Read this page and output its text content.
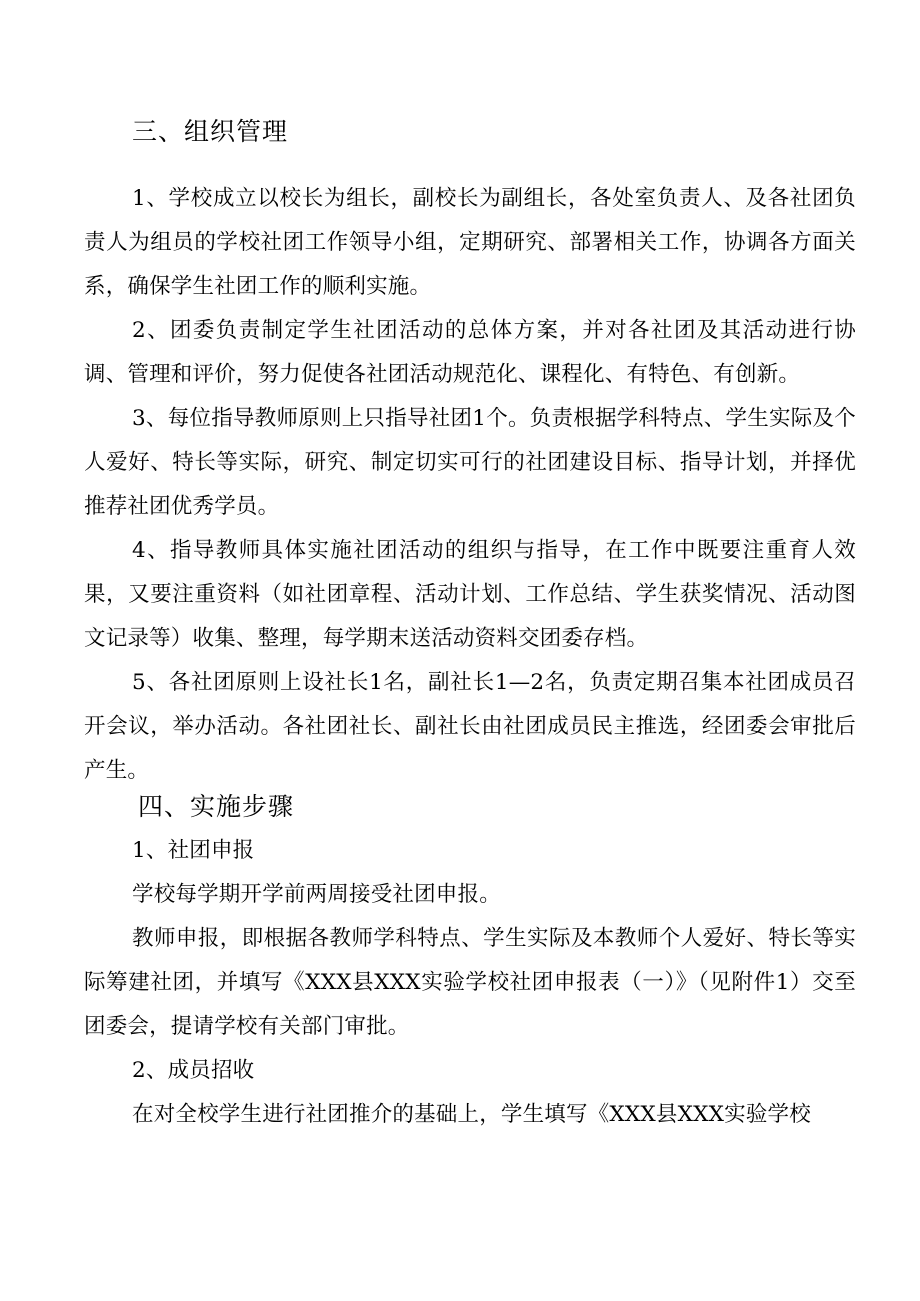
三、组织管理
1、学校成立以校长为组长，副校长为副组长，各处室负责人、及各社团负责人为组员的学校社团工作领导小组，定期研究、部署相关工作，协调各方面关系，确保学生社团工作的顺利实施。
2、团委负责制定学生社团活动的总体方案，并对各社团及其活动进行协调、管理和评价，努力促使各社团活动规范化、课程化、有特色、有创新。
3、每位指导教师原则上只指导社团1个。负责根据学科特点、学生实际及个人爱好、特长等实际，研究、制定切实可行的社团建设目标、指导计划，并择优推荐社团优秀学员。
4、指导教师具体实施社团活动的组织与指导，在工作中既要注重育人效果，又要注重资料（如社团章程、活动计划、工作总结、学生获奖情况、活动图文记录等）收集、整理，每学期末送活动资料交团委存档。
5、各社团原则上设社长1名，副社长1—2名，负责定期召集本社团成员召开会议，举办活动。各社团社长、副社长由社团成员民主推选，经团委会审批后产生。
四、实施步骤
1、社团申报
学校每学期开学前两周接受社团申报。
教师申报，即根据各教师学科特点、学生实际及本教师个人爱好、特长等实际筹建社团，并填写《XXX县XXX实验学校社团申报表（一）》（见附件1）交至团委会，提请学校有关部门审批。
2、成员招收
在对全校学生进行社团推介的基础上，学生填写《XXX县XXX实验学校
